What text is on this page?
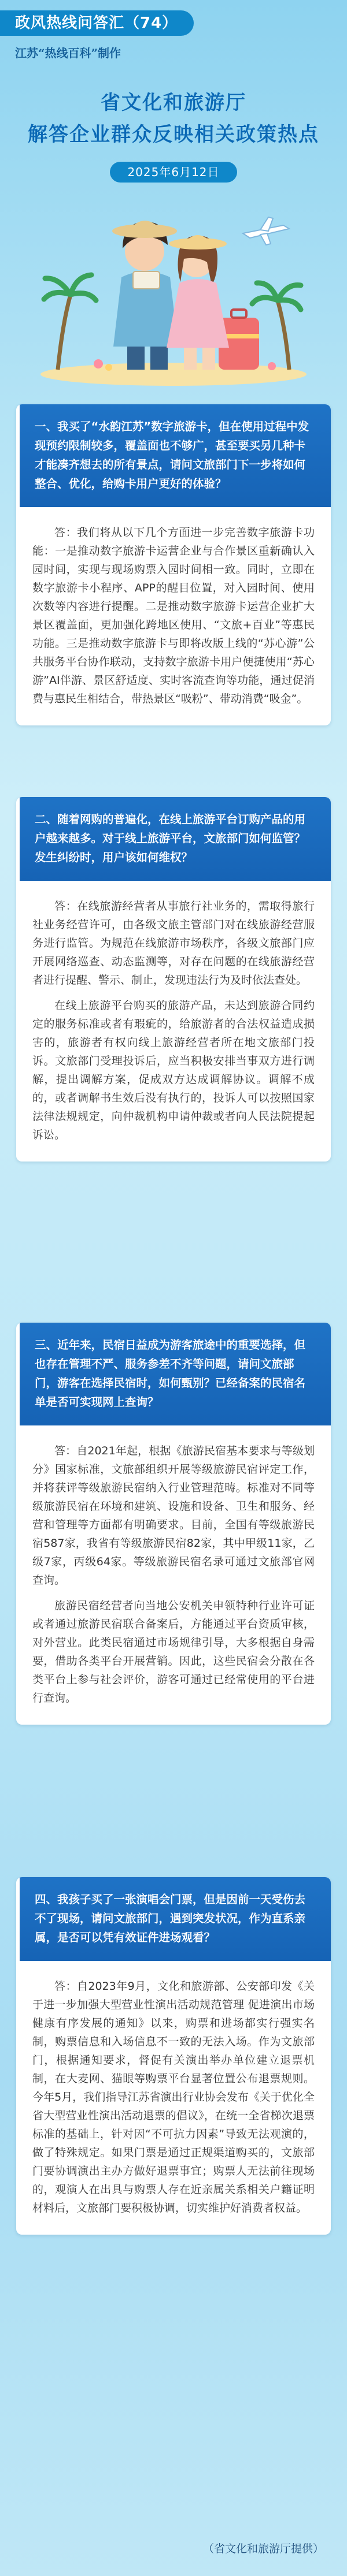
政风热线问答汇（74）
江苏“热线百科”制作
省文化和旅游厅
解答企业群众反映相关政策热点
2025年6月12日
一、我买了“水韵江苏”数字旅游卡，但在使用过程中发现预约限制较多，覆盖面也不够广，甚至要买另几种卡才能凑齐想去的所有景点，请问文旅部门下一步将如何整合、优化，给购卡用户更好的体验？

答：我们将从以下几个方面进一步完善数字旅游卡功能：一是推动数字旅游卡运营企业与合作景区重新确认入园时间，实现与现场购票入园时间相一致。同时，立即在数字旅游卡小程序、APP的醒目位置，对入园时间、使用次数等内容进行提醒。二是推动数字旅游卡运营企业扩大景区覆盖面，更加强化跨地区使用、“文旅+百业”等惠民功能。三是推动数字旅游卡与即将改版上线的“苏心游”公共服务平台协作联动，支持数字旅游卡用户便捷使用“苏心游”AI伴游、景区舒适度、实时客流查询等功能，通过促消费与惠民生相结合，带热景区“吸粉”、带动消费“吸金”。

二、随着网购的普遍化，在线上旅游平台订购产品的用户越来越多。对于线上旅游平台，文旅部门如何监管？发生纠纷时，用户该如何维权？

答：在线旅游经营者从事旅行社业务的，需取得旅行社业务经营许可，由各级文旅主管部门对在线旅游经营服务进行监管。为规范在线旅游市场秩序，各级文旅部门应开展网络巡查、动态监测等，对存在问题的在线旅游经营者进行提醒、警示、制止，发现违法行为及时依法查处。

在线上旅游平台购买的旅游产品，未达到旅游合同约定的服务标准或者有瑕疵的，给旅游者的合法权益造成损害的，旅游者有权向线上旅游经营者所在地文旅部门投诉。文旅部门受理投诉后，应当积极安排当事双方进行调解，提出调解方案，促成双方达成调解协议。调解不成的，或者调解书生效后没有执行的，投诉人可以按照国家法律法规规定，向仲裁机构申请仲裁或者向人民法院提起诉讼。

三、近年来，民宿日益成为游客旅途中的重要选择，但也存在管理不严、服务参差不齐等问题，请问文旅部门，游客在选择民宿时，如何甄别？已经备案的民宿名单是否可实现网上查询？

答：自2021年起，根据《旅游民宿基本要求与等级划分》国家标准，文旅部组织开展等级旅游民宿评定工作，并将获评等级旅游民宿纳入行业管理范畴。标准对不同等级旅游民宿在环境和建筑、设施和设备、卫生和服务、经营和管理等方面都有明确要求。目前，全国有等级旅游民宿587家，我省有等级旅游民宿82家，其中甲级11家，乙级7家，丙级64家。等级旅游民宿名录可通过文旅部官网查询。

旅游民宿经营者向当地公安机关申领特种行业许可证或者通过旅游民宿联合备案后，方能通过平台资质审核，对外营业。此类民宿通过市场规律引导，大多根据自身需要，借助各类平台开展营销。因此，这些民宿会分散在各类平台上参与社会评价，游客可通过已经常使用的平台进行查询。

四、我孩子买了一张演唱会门票，但是因前一天受伤去不了现场，请问文旅部门，遇到突发状况，作为直系亲属，是否可以凭有效证件进场观看？

答：自2023年9月，文化和旅游部、公安部印发《关于进一步加强大型营业性演出活动规范管理 促进演出市场健康有序发展的通知》以来，购票和进场都实行强实名制，购票信息和入场信息不一致的无法入场。作为文旅部门，根据通知要求，督促有关演出举办单位建立退票机制，在大麦网、猫眼等购票平台显著位置公布退票规则。今年5月，我们指导江苏省演出行业协会发布《关于优化全省大型营业性演出活动退票的倡议》，在统一全省梯次退票标准的基础上，针对因“不可抗力因素”导致无法观演的，做了特殊规定。如果门票是通过正规渠道购买的，文旅部门要协调演出主办方做好退票事宜；购票人无法前往现场的，观演人在出具与购票人存在近亲属关系相关户籍证明材料后，文旅部门要积极协调，切实维护好消费者权益。

（省文化和旅游厅提供）
